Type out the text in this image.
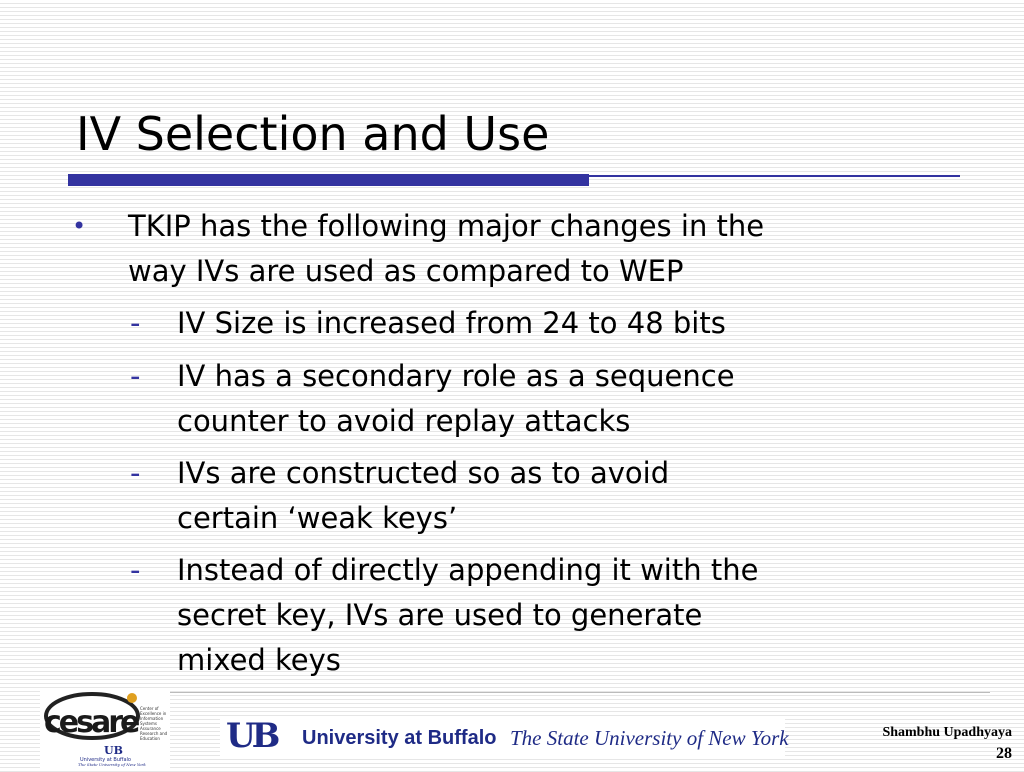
IV Selection and Use
• TKIP has the following major changes in the
way IVs are used as compared to WEP
- IV Size is increased from 24 to 48 bits
- IV has a secondary role as a sequence
counter to avoid replay attacks
- IVs are constructed so as to avoid
certain ‘weak keys’
- Instead of directly appending it with the
secret key, IVs are used to generate
mixed keys
cesare Center of
Excellence in
Information
Systems
Assurance
Research and
Education
UB
University at Buffalo
The State University of New York
UB University at Buffalo The State University of New York	Shambhu Upadhyaya
28
